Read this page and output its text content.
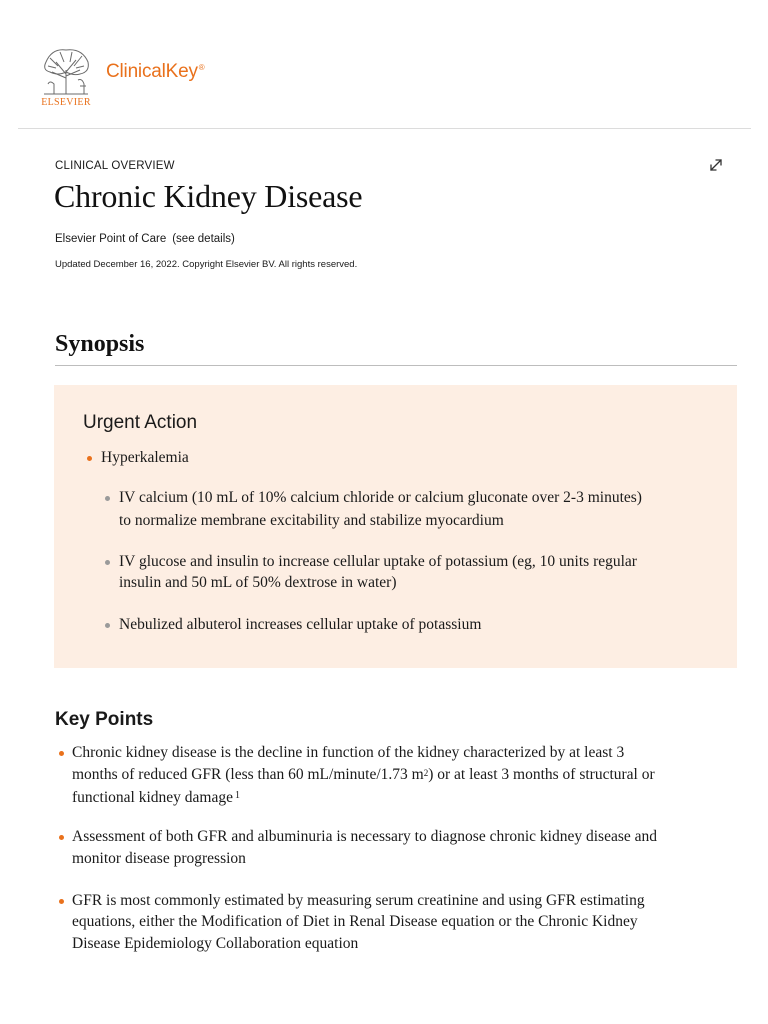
ELSEVIER
ClinicalKey®
CLINICAL OVERVIEW
Chronic Kidney Disease
Elsevier Point of Care (see details)
Updated December 16, 2022. Copyright Elsevier BV. All rights reserved.
Synopsis
Urgent Action
Hyperkalemia
IV calcium (10 mL of 10% calcium chloride or calcium gluconate over 2-3 minutes)
to normalize membrane excitability and stabilize myocardium
IV glucose and insulin to increase cellular uptake of potassium (eg, 10 units regular
insulin and 50 mL of 50% dextrose in water)
Nebulized albuterol increases cellular uptake of potassium
Key Points
Chronic kidney disease is the decline in function of the kidney characterized by at least 3
months of reduced GFR (less than 60 mL/minute/1.73 $m^2$) or at least 3 months of structural or
functional kidney damage $^1$
Assessment of both GFR and albuminuria is necessary to diagnose chronic kidney disease and
monitor disease progression
GFR is most commonly estimated by measuring serum creatinine and using GFR estimating
equations, either the Modification of Diet in Renal Disease equation or the Chronic Kidney
Disease Epidemiology Collaboration equation
